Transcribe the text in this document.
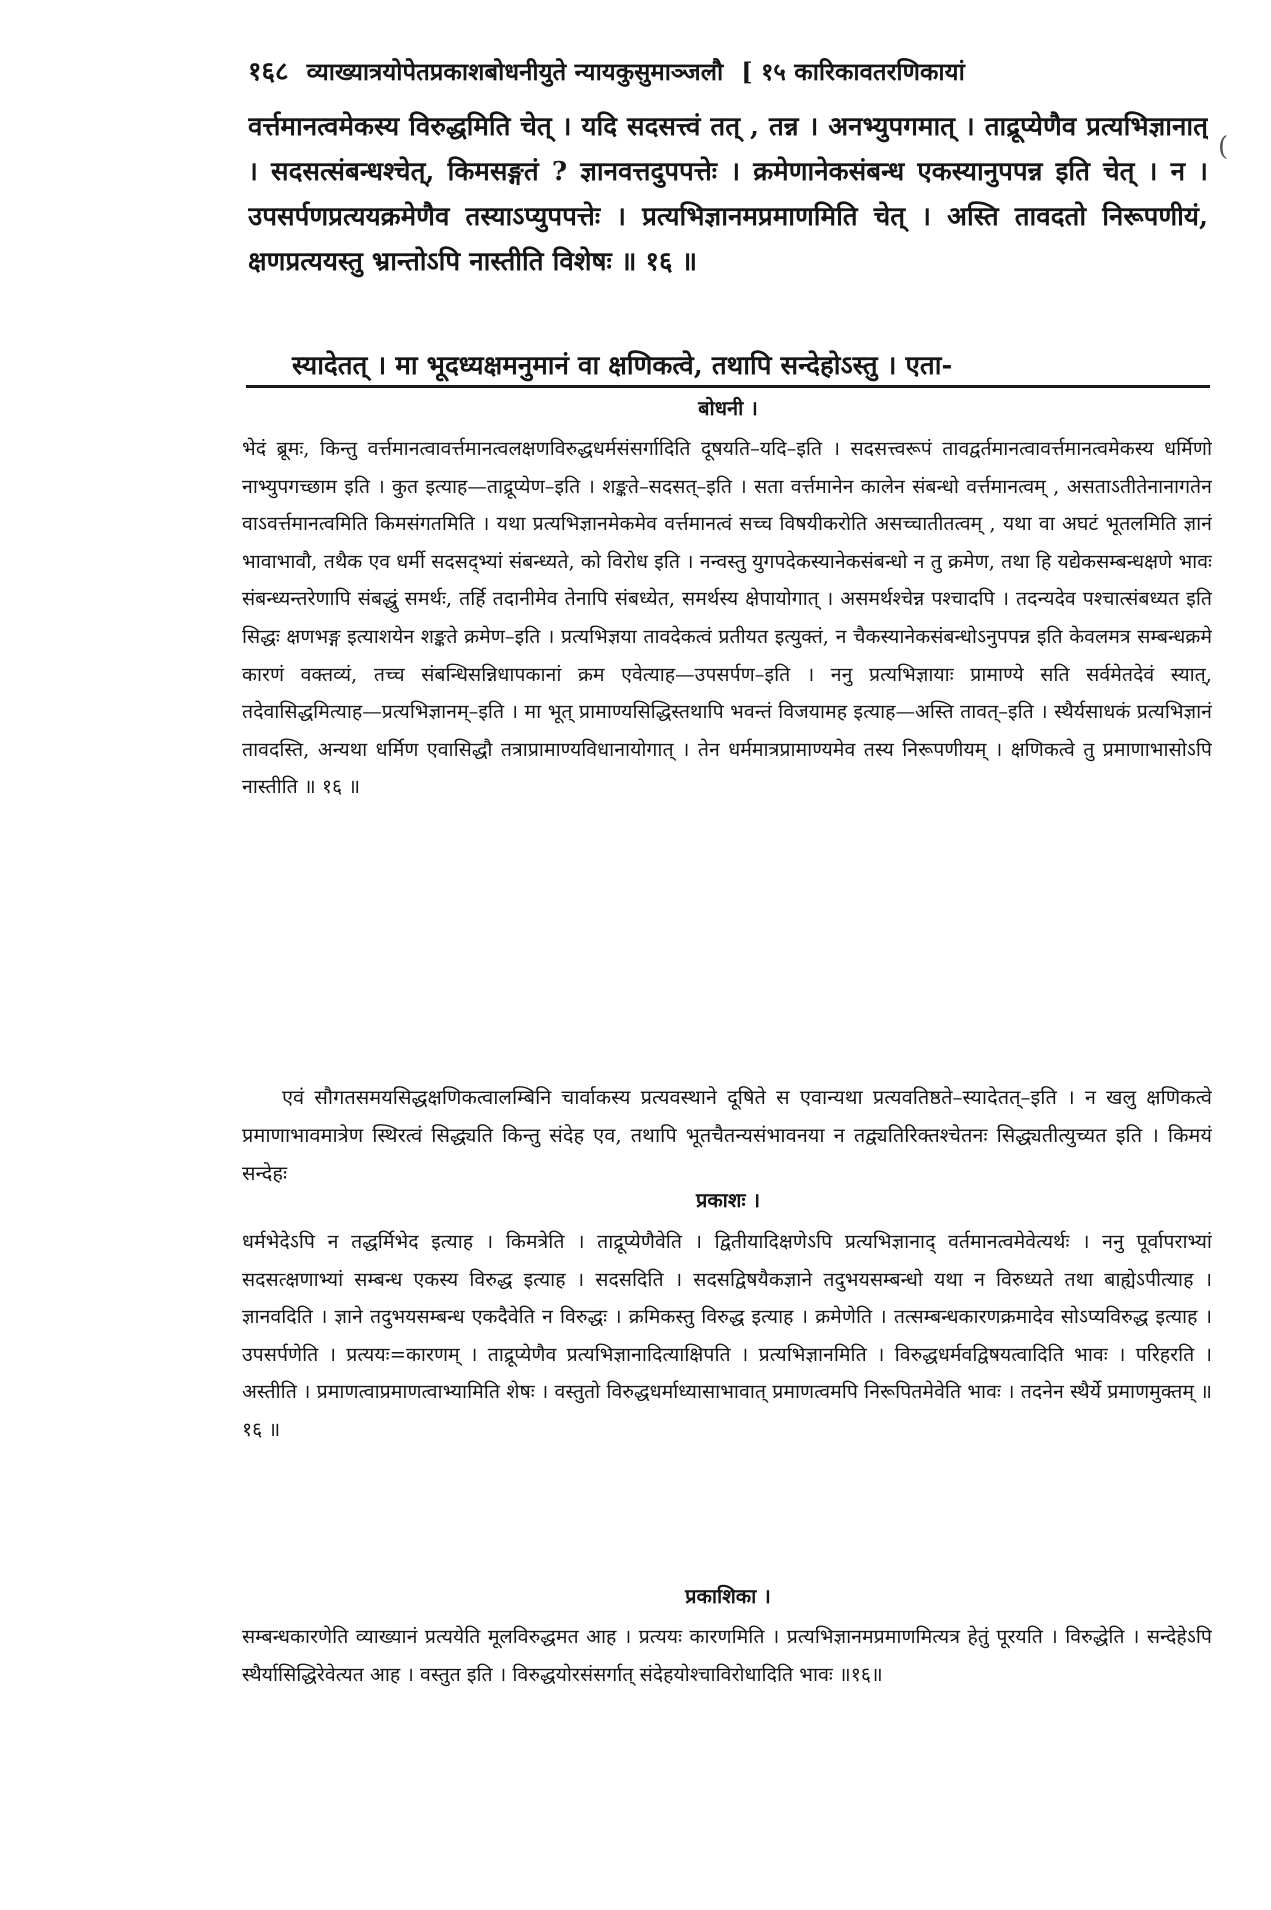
१६८ व्याख्यात्रयोपेतप्रकाशबोधनीयुते न्यायकुसुमाञ्जलौ [ १५ कारिकावतरणिकायां
(

वर्त्तमानत्वमेकस्य विरुद्धमिति चेत् । यदि सदसत्त्वं तत् , तन्न । अनभ्युपगमात् । ताद्रूप्येणैव प्रत्यभिज्ञानात् । सदसत्संबन्धश्चेत्, किमसङ्गतं ? ज्ञानवत्तदुपपत्तेः । क्रमेणानेकसंबन्ध एकस्यानुपपन्न इति चेत् । न । उपसर्पणप्रत्ययक्रमेणैव तस्याऽप्युपपत्तेः । प्रत्यभिज्ञानमप्रमाणमिति चेत् । अस्ति तावदतो निरूपणीयं, क्षणप्रत्ययस्तु भ्रान्तोऽपि नास्तीति विशेषः ॥ १६ ॥

स्यादेतत् । मा भूदध्यक्षमनुमानं वा क्षणिकत्वे, तथापि सन्देहोऽस्तु । एता-

बोधनी ।

भेदं ब्रूमः, किन्तु वर्त्तमानत्वावर्त्तमानत्वलक्षणविरुद्धधर्मसंसर्गादिति दूषयति–यदि–इति । सदसत्त्वरूपं तावद्वर्तमानत्वावर्त्तमानत्वमेकस्य धर्मिणो नाभ्युपगच्छाम इति । कुत इत्याह—ताद्रूप्येण–इति । शङ्कते–सदसत्–इति । सता वर्त्तमानेन कालेन संबन्धो वर्त्तमानत्वम् , असताऽतीतेनानागतेन वाऽवर्त्तमानत्वमिति किमसंगतमिति । यथा प्रत्यभिज्ञानमेकमेव वर्त्तमानत्वं सच्च विषयीकरोति असच्चातीतत्वम् , यथा वा अघटं भूतलमिति ज्ञानं भावाभावौ, तथैक एव धर्मी सदसद्भ्यां संबन्ध्यते, को विरोध इति । नन्वस्तु युगपदेकस्यानेकसंबन्धो न तु क्रमेण, तथा हि यद्येकसम्बन्धक्षणे भावः संबन्ध्यन्तरेणापि संबद्धुं समर्थः, तर्हि तदानीमेव तेनापि संबध्येत, समर्थस्य क्षेपायोगात् । असमर्थश्चेन्न पश्चादपि । तदन्यदेव पश्चात्संबध्यत इति सिद्धः क्षणभङ्ग इत्याशयेन शङ्कते क्रमेण–इति । प्रत्यभिज्ञया तावदेकत्वं प्रतीयत इत्युक्तं, न चैकस्यानेकसंबन्धोऽनुपपन्न इति केवलमत्र सम्बन्धक्रमे कारणं वक्तव्यं, तच्च संबन्धिसन्निधापकानां क्रम एवेत्याह—उपसर्पण–इति । ननु प्रत्यभिज्ञायाः प्रामाण्ये सति सर्वमेतदेवं स्यात्, तदेवासिद्धमित्याह—प्रत्यभिज्ञानम्–इति । मा भूत् प्रामाण्यसिद्धिस्तथापि भवन्तं विजयामह इत्याह—अस्ति तावत्–इति । स्थैर्यसाधकं प्रत्यभिज्ञानं तावदस्ति, अन्यथा धर्मिण एवासिद्धौ तत्राप्रामाण्यविधानायोगात् । तेन धर्ममात्रप्रामाण्यमेव तस्य निरूपणीयम् । क्षणिकत्वे तु प्रमाणाभासोऽपि नास्तीति ॥ १६ ॥

एवं सौगतसमयसिद्धक्षणिकत्वालम्बिनि चार्वाकस्य प्रत्यवस्थाने दूषिते स एवान्यथा प्रत्यवतिष्ठते–स्यादेतत्–इति । न खलु क्षणिकत्वे प्रमाणाभावमात्रेण स्थिरत्वं सिद्ध्यति किन्तु संदेह एव, तथापि भूतचैतन्यसंभावनया न तद्व्यतिरिक्तश्चेतनः सिद्ध्यतीत्युच्यत इति । किमयं सन्देहः

प्रकाशः ।

धर्मभेदेऽपि न तद्धर्मिभेद इत्याह । किमत्रेति । ताद्रूप्येणैवेति । द्वितीयादिक्षणेऽपि प्रत्यभिज्ञानाद् वर्तमानत्वमेवेत्यर्थः । ननु पूर्वापराभ्यां सदसत्क्षणाभ्यां सम्बन्ध एकस्य विरुद्ध इत्याह । सदसदिति । सदसद्विषयैकज्ञाने तदुभयसम्बन्धो यथा न विरुध्यते तथा बाह्येऽपीत्याह । ज्ञानवदिति । ज्ञाने तदुभयसम्बन्ध एकदैवेति न विरुद्धः । क्रमिकस्तु विरुद्ध इत्याह । क्रमेणेति । तत्सम्बन्धकारणक्रमादेव सोऽप्यविरुद्ध इत्याह । उपसर्पणेति । प्रत्ययः=कारणम् । ताद्रूप्येणैव प्रत्यभिज्ञानादित्याक्षिपति । प्रत्यभिज्ञानमिति । विरुद्धधर्मवद्विषयत्वादिति भावः । परिहरति । अस्तीति । प्रमाणत्वाप्रमाणत्वाभ्यामिति शेषः । वस्तुतो विरुद्धधर्माध्यासाभावात् प्रमाणत्वमपि निरूपितमेवेति भावः । तदनेन स्थैर्ये प्रमाणमुक्तम् ॥ १६ ॥

प्रकाशिका ।

सम्बन्धकारणेति व्याख्यानं प्रत्ययेति मूलविरुद्धमत आह । प्रत्ययः कारणमिति । प्रत्यभिज्ञानमप्रमाणमित्यत्र हेतुं पूरयति । विरुद्धेति । सन्देहेऽपि स्थैर्यासिद्धिरेवेत्यत आह । वस्तुत इति । विरुद्धयोरसंसर्गात् संदेहयोश्चाविरोधादिति भावः ॥१६॥
